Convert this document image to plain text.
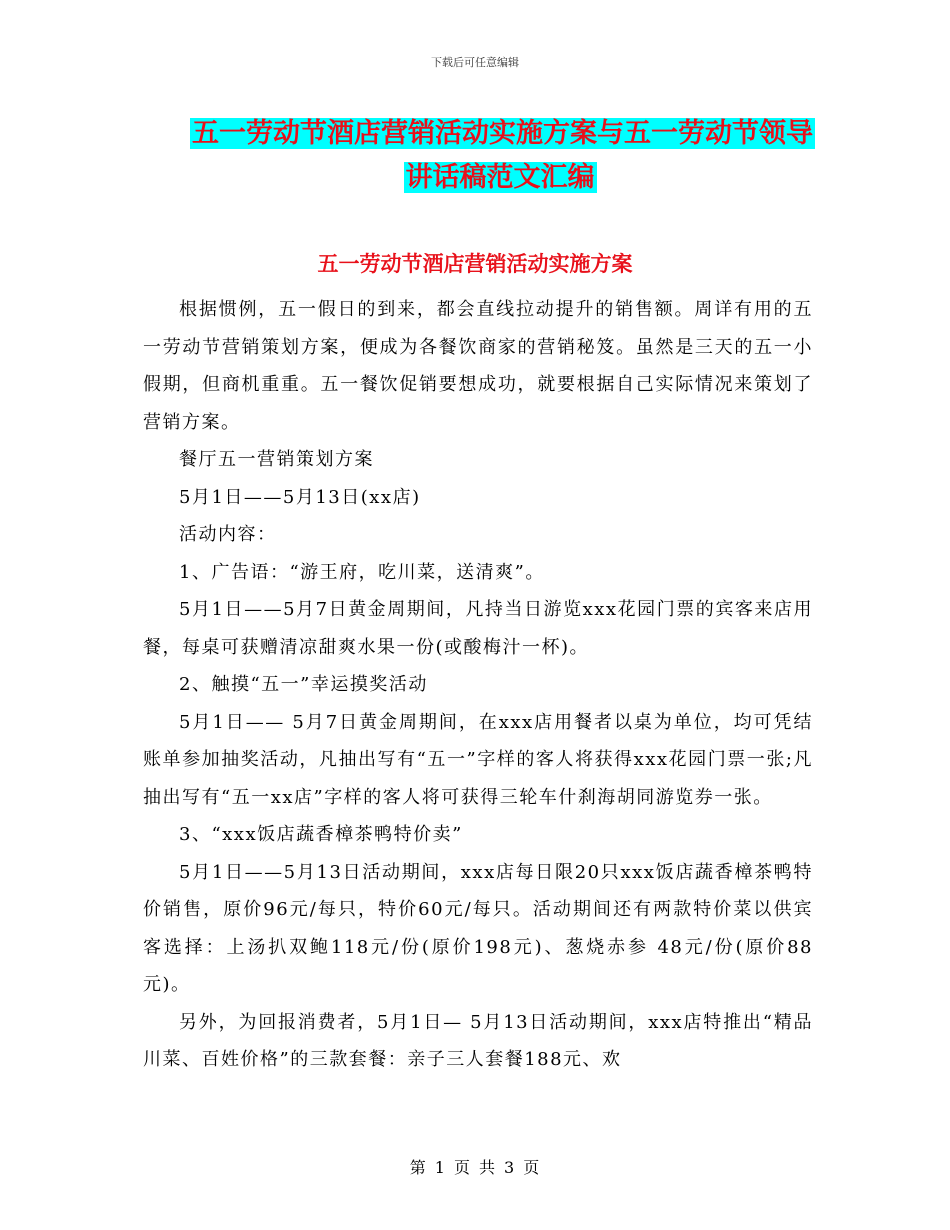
下载后可任意编辑
五一劳动节酒店营销活动实施方案与五一劳动节领导
讲话稿范文汇编
五一劳动节酒店营销活动实施方案

根据惯例，五一假日的到来，都会直线拉动提升的销售额。周详有用的五一劳动节营销策划方案，便成为各餐饮商家的营销秘笈。虽然是三天的五一小假期，但商机重重。五一餐饮促销要想成功，就要根据自己实际情况来策划了营销方案。

餐厅五一营销策划方案

5月1日——5月13日(xx店)

活动内容：

1、广告语：“游王府，吃川菜，送清爽”。

5月1日——5月7日黄金周期间，凡持当日游览xxx花园门票的宾客来店用餐，每桌可获赠清凉甜爽水果一份(或酸梅汁一杯)。

2、触摸“五一”幸运摸奖活动

5月1日—— 5月7日黄金周期间，在xxx店用餐者以桌为单位，均可凭结账单参加抽奖活动，凡抽出写有“五一”字样的客人将获得xxx花园门票一张;凡抽出写有“五一xx店”字样的客人将可获得三轮车什刹海胡同游览券一张。

3、“xxx饭店蔬香樟茶鸭特价卖”

5月1日——5月13日活动期间，xxx店每日限20只xxx饭店蔬香樟茶鸭特价销售，原价96元/每只，特价60元/每只。活动期间还有两款特价菜以供宾客选择：上汤扒双鲍118元/份(原价198元)、葱烧赤参 48元/份(原价88元)。

另外，为回报消费者，5月1日— 5月13日活动期间，xxx店特推出“精品川菜、百姓价格”的三款套餐：亲子三人套餐188元、欢

第 1 页 共 3 页
